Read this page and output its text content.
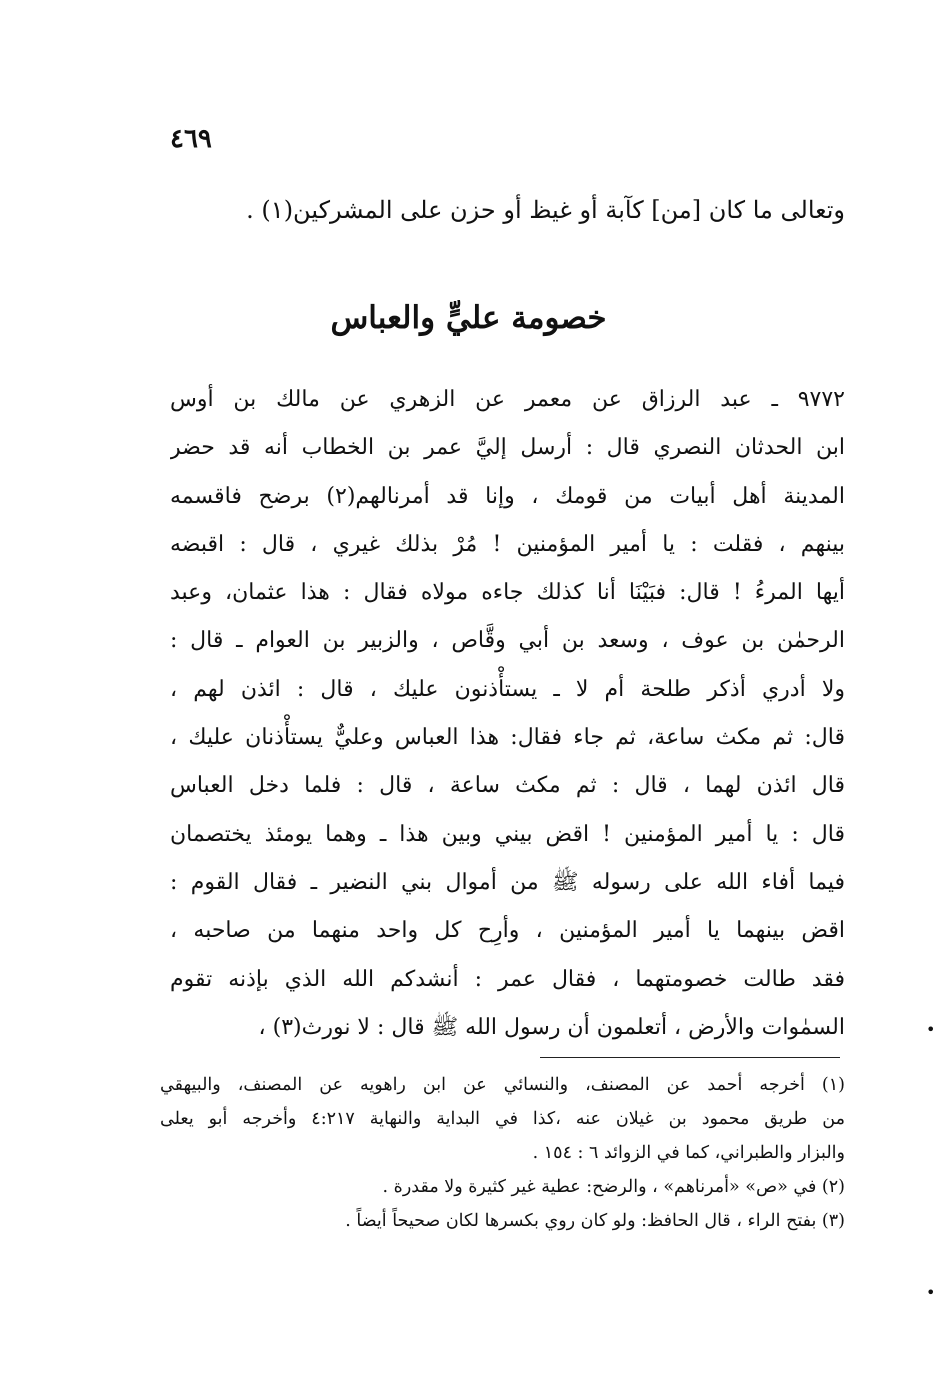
٤٦٩
وتعالى ما كان [من] كآبة أو غيظ أو حزن على المشركين(١) .
خصومة عليٍّ والعباس
٩٧٧٢ ـ عبد الرزاق عن معمر عن الزهري عن مالك بن أوس
ابن الحدثان النصري قال : أرسل إليَّ عمر بن الخطاب أنه قد حضر
المدينة أهل أبيات من قومك ، وإنا قد أمرنالهم(٢) برضح فاقسمه
بينهم ، فقلت : يا أمير المؤمنين ! مُرْ بذلك غيري ، قال : اقبضه
أيها المرءُ ! قال: فبَيْنَا أنا كذلك جاءه مولاه فقال : هذا عثمان، وعبد
الرحمٰن بن عوف ، وسعد بن أبي وقَّاص ، والزبير بن العوام ـ قال :
ولا أدري أذكر طلحة أم لا ـ يستأْذنون عليك ، قال : ائذن لهم ،
قال: ثم مكث ساعة، ثم جاء فقال: هذا العباس وعليٌّ يستأْذنان عليك ،
قال ائذن لهما ، قال : ثم مكث ساعة ، قال : فلما دخل العباس
قال : يا أمير المؤمنين ! اقض بيني وبين هذا ـ وهما يومئذ يختصمان
فيما أفاء الله على رسوله ﷺ من أموال بني النضير ـ فقال القوم :
اقض بينهما يا أمير المؤمنين ، وأرِح كل واحد منهما من صاحبه ،
فقد طالت خصومتهما ، فقال عمر : أنشدكم الله الذي بإذنه تقوم
السمٰوات والأرض ، أتعلمون أن رسول الله ﷺ قال : لا نورث(٣) ،
(١) أخرجه أحمد عن المصنف، والنسائي عن ابن راهويه عن المصنف، والبيهقي
من طريق محمود بن غيلان عنه ،كذا في البداية والنهاية ٤:٢١٧ وأخرجه أبو يعلى
والبزار والطبراني، كما في الزوائد ٦ : ١٥٤ .
(٢) في «ص» «أمرناهم» ، والرضح: عطية غير كثيرة ولا مقدرة .
(٣) بفتح الراء ، قال الحافظ: ولو كان روي بكسرها لكان صحيحاً أيضاً .
•
•
